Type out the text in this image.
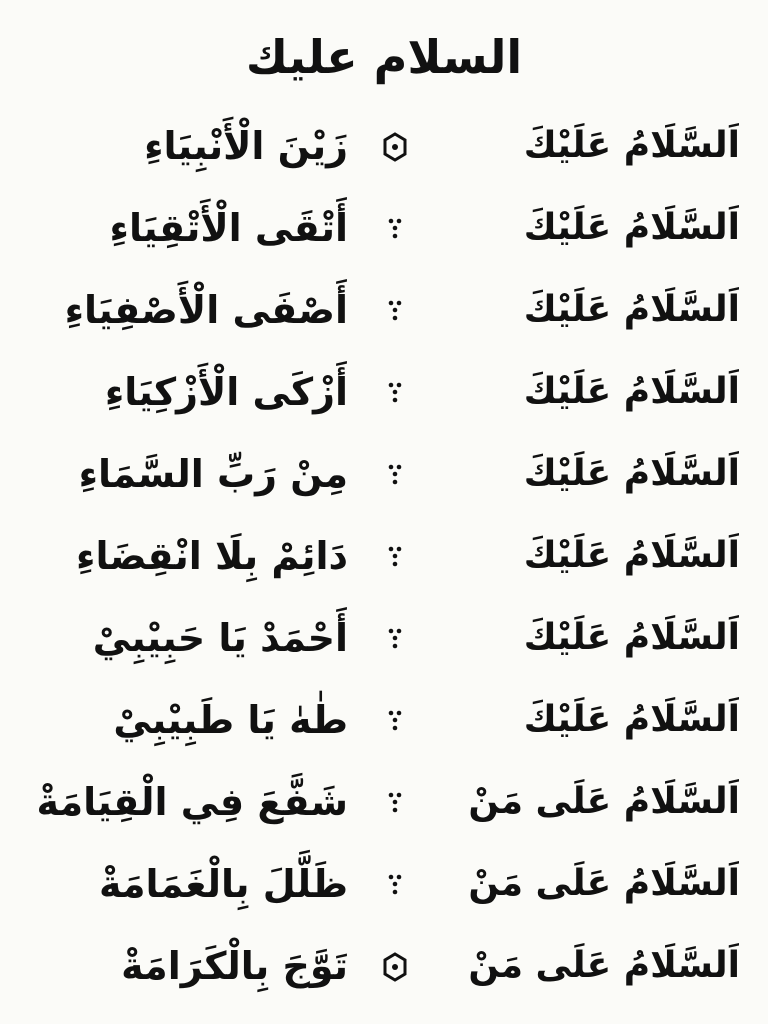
السلام عليك
اَلسَّلَامُ عَلَيْكَ
زَيْنَ الْأَنْبِيَاءِ
اَلسَّلَامُ عَلَيْكَ
أَتْقَى الْأَتْقِيَاءِ
اَلسَّلَامُ عَلَيْكَ
أَصْفَى الْأَصْفِيَاءِ
اَلسَّلَامُ عَلَيْكَ
أَزْكَى الْأَزْكِيَاءِ
اَلسَّلَامُ عَلَيْكَ
مِنْ رَبِّ السَّمَاءِ
اَلسَّلَامُ عَلَيْكَ
دَائِمْ بِلَا انْقِضَاءِ
اَلسَّلَامُ عَلَيْكَ
أَحْمَدْ يَا حَبِيْبِيْ
اَلسَّلَامُ عَلَيْكَ
طٰهٰ يَا طَبِيْبِيْ
اَلسَّلَامُ عَلَى مَنْ
شَفَّعَ فِي الْقِيَامَةْ
اَلسَّلَامُ عَلَى مَنْ
ظَلَّلَ بِالْغَمَامَةْ
اَلسَّلَامُ عَلَى مَنْ
تَوَّجَ بِالْكَرَامَةْ
